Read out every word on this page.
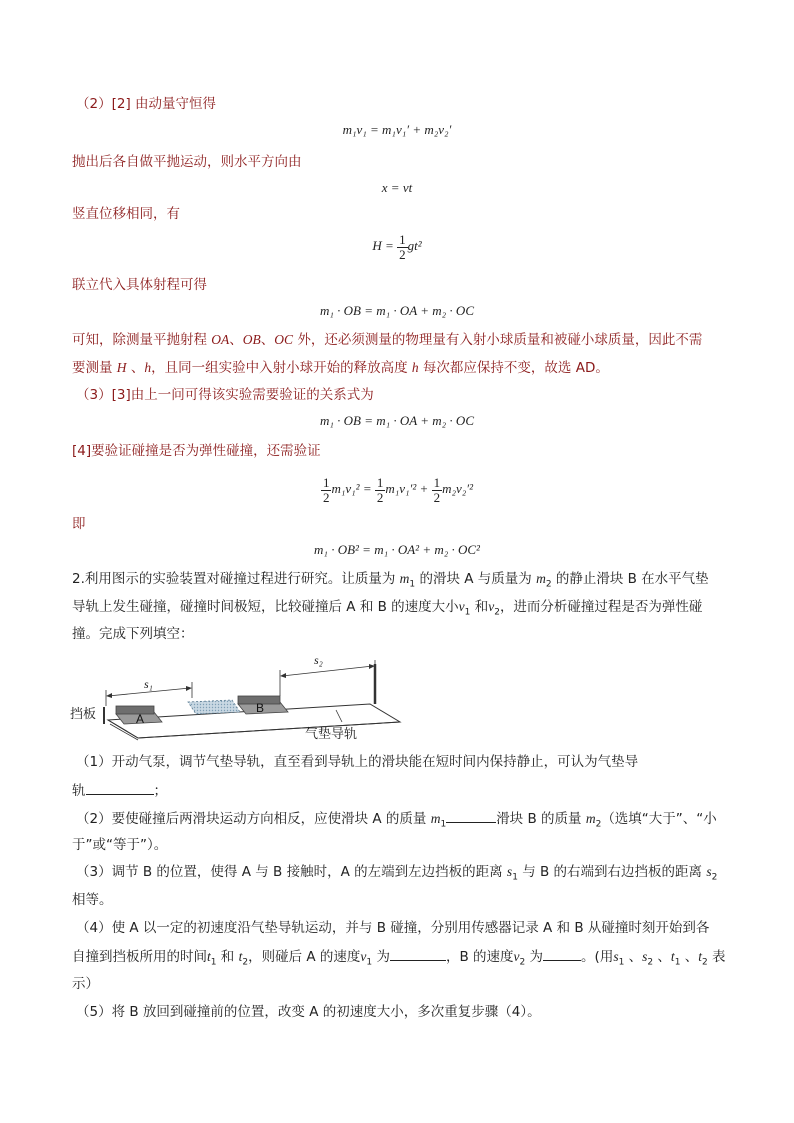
（2）[2] 由动量守恒得
m₁v₁ = m₁v₁′ + m₂v₂′
抛出后各自做平抛运动，则水平方向由
x = vt
竖直位移相同，有
$H = \frac{1}{2} gt^2$
联立代入具体射程可得
m₁ · OB = m₁ · OA + m₂ · OC
可知，除测量平抛射程 OA、OB、OC 外，还必须测量的物理量有入射小球质量和被碰小球质量，因此不需
要测量 H 、h，且同一组实验中入射小球开始的释放高度 h 每次都应保持不变，故选 AD。
（3）[3]由上一问可得该实验需要验证的关系式为
m₁ · OB = m₁ · OA + m₂ · OC
[4]要验证碰撞是否为弹性碰撞，还需验证
$\frac{1}{2} m_1v_1^2 = \frac{1}{2} m_1v_1'^2 + \frac{1}{2} m_2v_2'^2$
即
m₁ · OB² = m₁ · OA² + m₂ · OC²
2.利用图示的实验装置对碰撞过程进行研究。让质量为 $m_1$ 的滑块 A 与质量为 $m_2$ 的静止滑块 B 在水平气垫
导轨上发生碰撞，碰撞时间极短，比较碰撞后 A 和 B 的速度大小$v_1$ 和$v_2$，进而分析碰撞过程是否为弹性碰
撞。完成下列填空：
s₁
s₂
挡板
气垫导轨
A
B
（1）开动气泵，调节气垫导轨，直至看到导轨上的滑块能在短时间内保持静止，可认为气垫导
轨	；
（2）要使碰撞后两滑块运动方向相反，应使滑块 A 的质量 $m_1$	滑块 B 的质量 $m_2$（选填“大于”、“小
于”或“等于”）。
（3）调节 B 的位置，使得 A 与 B 接触时，A 的左端到左边挡板的距离 $s_1$ 与 B 的右端到右边挡板的距离 $s_2$
相等。
（4）使 A 以一定的初速度沿气垫导轨运动，并与 B 碰撞，分别用传感器记录 A 和 B 从碰撞时刻开始到各
自撞到挡板所用的时间$t_1$ 和 $t_2$，则碰后 A 的速度$v_1$ 为	，B 的速度$v_2$ 为	。(用$s_1$ 、$s_2$ 、$t_1$ 、$t_2$ 表
示）
（5）将 B 放回到碰撞前的位置，改变 A 的初速度大小，多次重复步骤（4）。
